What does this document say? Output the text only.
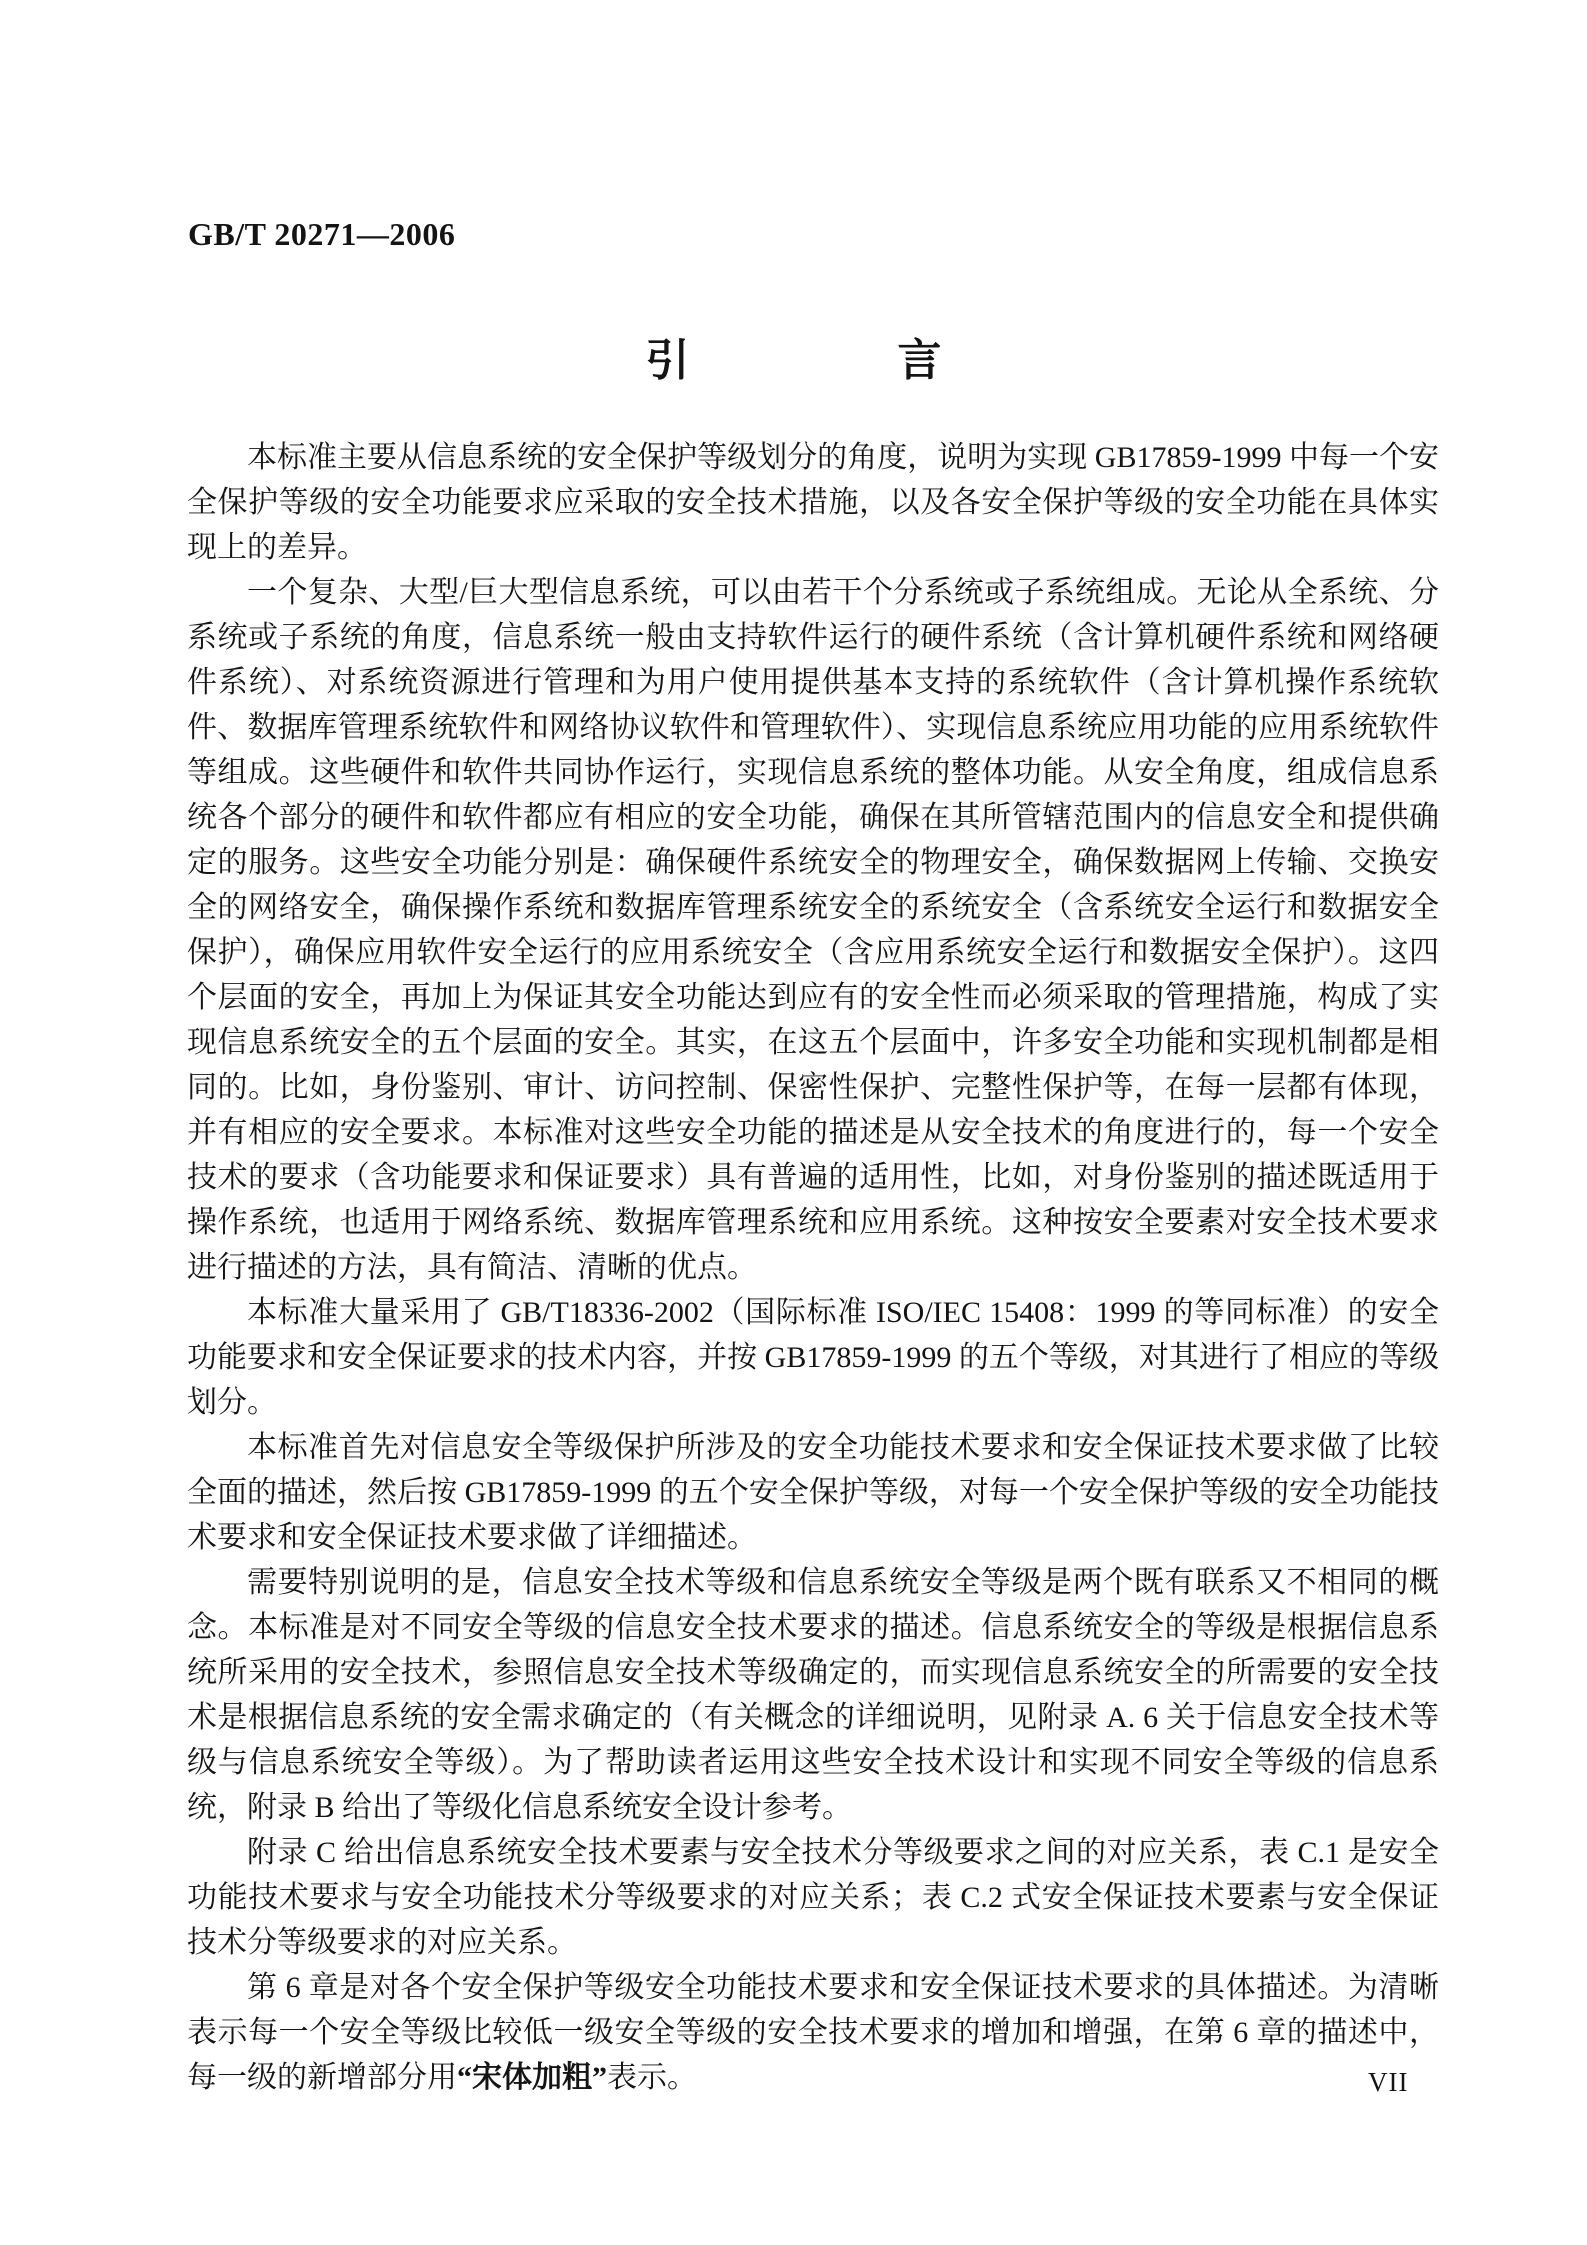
GB/T 20271—2006
引	言

本标准主要从信息系统的安全保护等级划分的角度，说明为实现 GB17859-1999 中每一个安全保护等级的安全功能要求应采取的安全技术措施，以及各安全保护等级的安全功能在具体实现上的差异。

一个复杂、大型/巨大型信息系统，可以由若干个分系统或子系统组成。无论从全系统、分系统或子系统的角度，信息系统一般由支持软件运行的硬件系统（含计算机硬件系统和网络硬件系统）、对系统资源进行管理和为用户使用提供基本支持的系统软件（含计算机操作系统软件、数据库管理系统软件和网络协议软件和管理软件）、实现信息系统应用功能的应用系统软件等组成。这些硬件和软件共同协作运行，实现信息系统的整体功能。从安全角度，组成信息系统各个部分的硬件和软件都应有相应的安全功能，确保在其所管辖范围内的信息安全和提供确定的服务。这些安全功能分别是：确保硬件系统安全的物理安全，确保数据网上传输、交换安全的网络安全，确保操作系统和数据库管理系统安全的系统安全（含系统安全运行和数据安全保护），确保应用软件安全运行的应用系统安全（含应用系统安全运行和数据安全保护）。这四个层面的安全，再加上为保证其安全功能达到应有的安全性而必须采取的管理措施，构成了实现信息系统安全的五个层面的安全。其实，在这五个层面中，许多安全功能和实现机制都是相同的。比如，身份鉴别、审计、访问控制、保密性保护、完整性保护等，在每一层都有体现，并有相应的安全要求。本标准对这些安全功能的描述是从安全技术的角度进行的，每一个安全技术的要求（含功能要求和保证要求）具有普遍的适用性，比如，对身份鉴别的描述既适用于操作系统，也适用于网络系统、数据库管理系统和应用系统。这种按安全要素对安全技术要求进行描述的方法，具有简洁、清晰的优点。

本标准大量采用了 GB/T18336-2002（国际标准 ISO/IEC 15408：1999 的等同标准）的安全功能要求和安全保证要求的技术内容，并按 GB17859-1999 的五个等级，对其进行了相应的等级划分。

本标准首先对信息安全等级保护所涉及的安全功能技术要求和安全保证技术要求做了比较全面的描述，然后按 GB17859-1999 的五个安全保护等级，对每一个安全保护等级的安全功能技术要求和安全保证技术要求做了详细描述。

需要特别说明的是，信息安全技术等级和信息系统安全等级是两个既有联系又不相同的概念。本标准是对不同安全等级的信息安全技术要求的描述。信息系统安全的等级是根据信息系统所采用的安全技术，参照信息安全技术等级确定的，而实现信息系统安全的所需要的安全技术是根据信息系统的安全需求确定的（有关概念的详细说明，见附录 A. 6 关于信息安全技术等级与信息系统安全等级）。为了帮助读者运用这些安全技术设计和实现不同安全等级的信息系统，附录 B 给出了等级化信息系统安全设计参考。

附录 C 给出信息系统安全技术要素与安全技术分等级要求之间的对应关系，表 C.1 是安全功能技术要求与安全功能技术分等级要求的对应关系；表 C.2 式安全保证技术要素与安全保证技术分等级要求的对应关系。

第 6 章是对各个安全保护等级安全功能技术要求和安全保证技术要求的具体描述。为清晰表示每一个安全等级比较低一级安全等级的安全技术要求的增加和增强，在第 6 章的描述中，每一级的新增部分用“宋体加粗”表示。	VII
